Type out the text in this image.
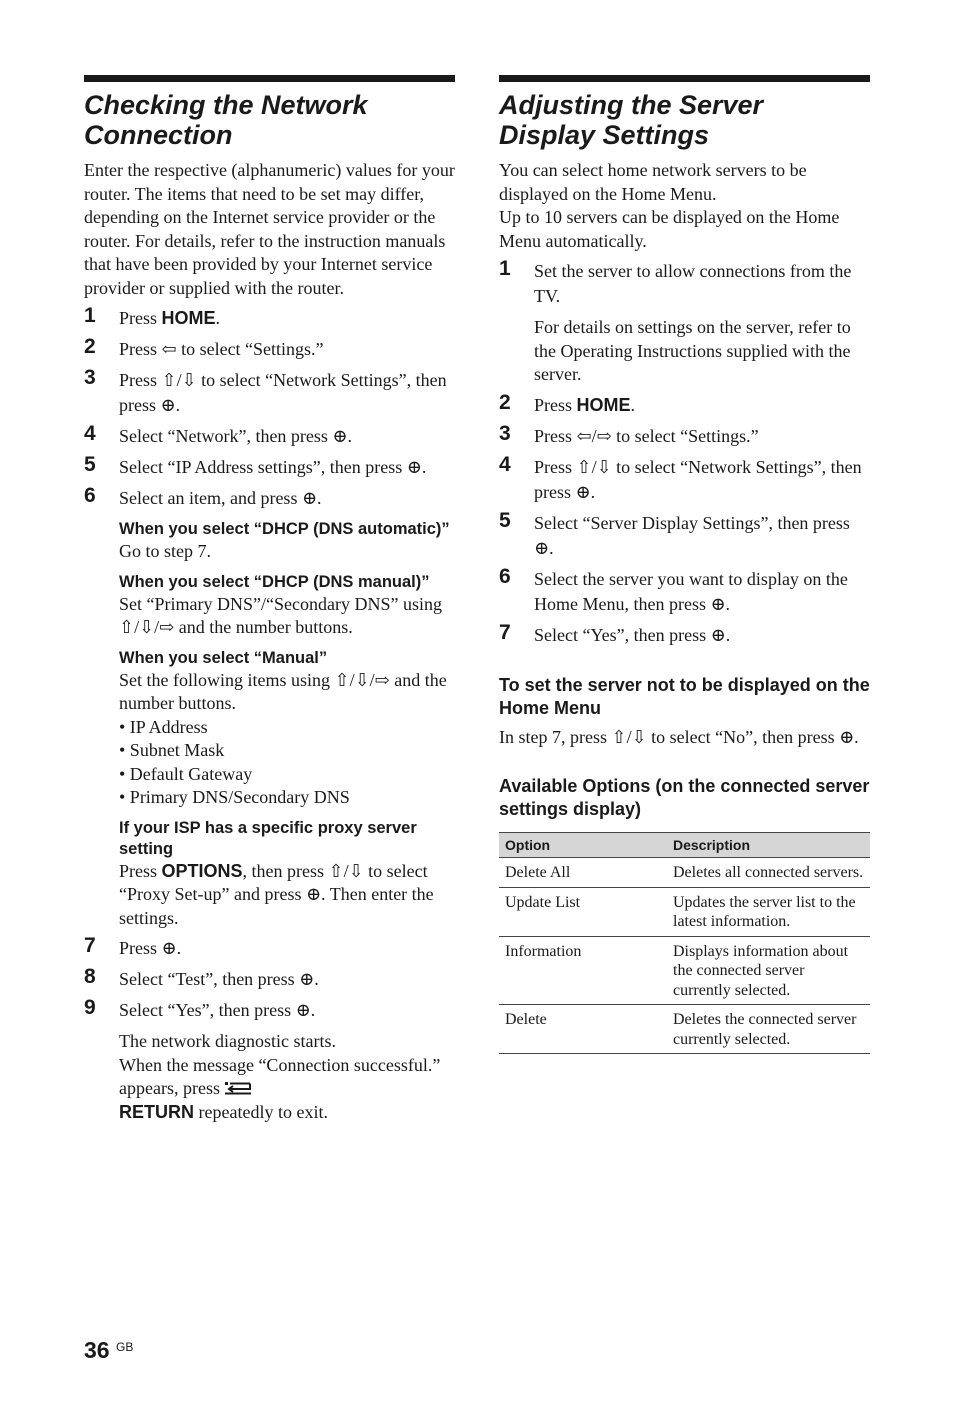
Checking the Network
Connection

Enter the respective (alphanumeric) values for your router. The items that need to be set may differ, depending on the Internet service provider or the router. For details, refer to the instruction manuals that have been provided by your Internet service provider or supplied with the router.

1 Press HOME.
2 Press ⇦ to select “Settings.”
3 Press ⇧/⇩ to select “Network Settings”, then press ⊕.
4 Select “Network”, then press ⊕.
5 Select “IP Address settings”, then press ⊕.
6 Select an item, and press ⊕.
When you select “DHCP (DNS automatic)”
Go to step 7.
When you select “DHCP (DNS manual)”
Set “Primary DNS”/“Secondary DNS” using ⇧/⇩/⇨ and the number buttons.
When you select “Manual”
Set the following items using ⇧/⇩/⇨ and the number buttons.
• IP Address
• Subnet Mask
• Default Gateway
• Primary DNS/Secondary DNS
If your ISP has a specific proxy server setting
Press OPTIONS, then press ⇧/⇩ to select “Proxy Set-up” and press ⊕. Then enter the settings.
7 Press ⊕.
8 Select “Test”, then press ⊕.
9 Select “Yes”, then press ⊕.
The network diagnostic starts.
When the message “Connection successful.” appears, press
RETURN repeatedly to exit.
Adjusting the Server
Display Settings

You can select home network servers to be displayed on the Home Menu.

Up to 10 servers can be displayed on the Home Menu automatically.

1 Set the server to allow connections from the TV.
For details on settings on the server, refer to the Operating Instructions supplied with the server.
2 Press HOME.
3 Press ⇦/⇨ to select “Settings.”
4 Press ⇧/⇩ to select “Network Settings”, then press ⊕.
5 Select “Server Display Settings”, then press ⊕.
6 Select the server you want to display on the Home Menu, then press ⊕.
7 Select “Yes”, then press ⊕.
To set the server not to be displayed on the Home Menu

In step 7, press ⇧/⇩ to select “No”, then press ⊕.

Available Options (on the connected server settings display)
Option	Description
Delete All	Deletes all connected servers.
Update List	Updates the server list to the latest information.
Information	Displays information about the connected server currently selected.
Delete	Deletes the connected server currently selected.
36 $^{GB}$
